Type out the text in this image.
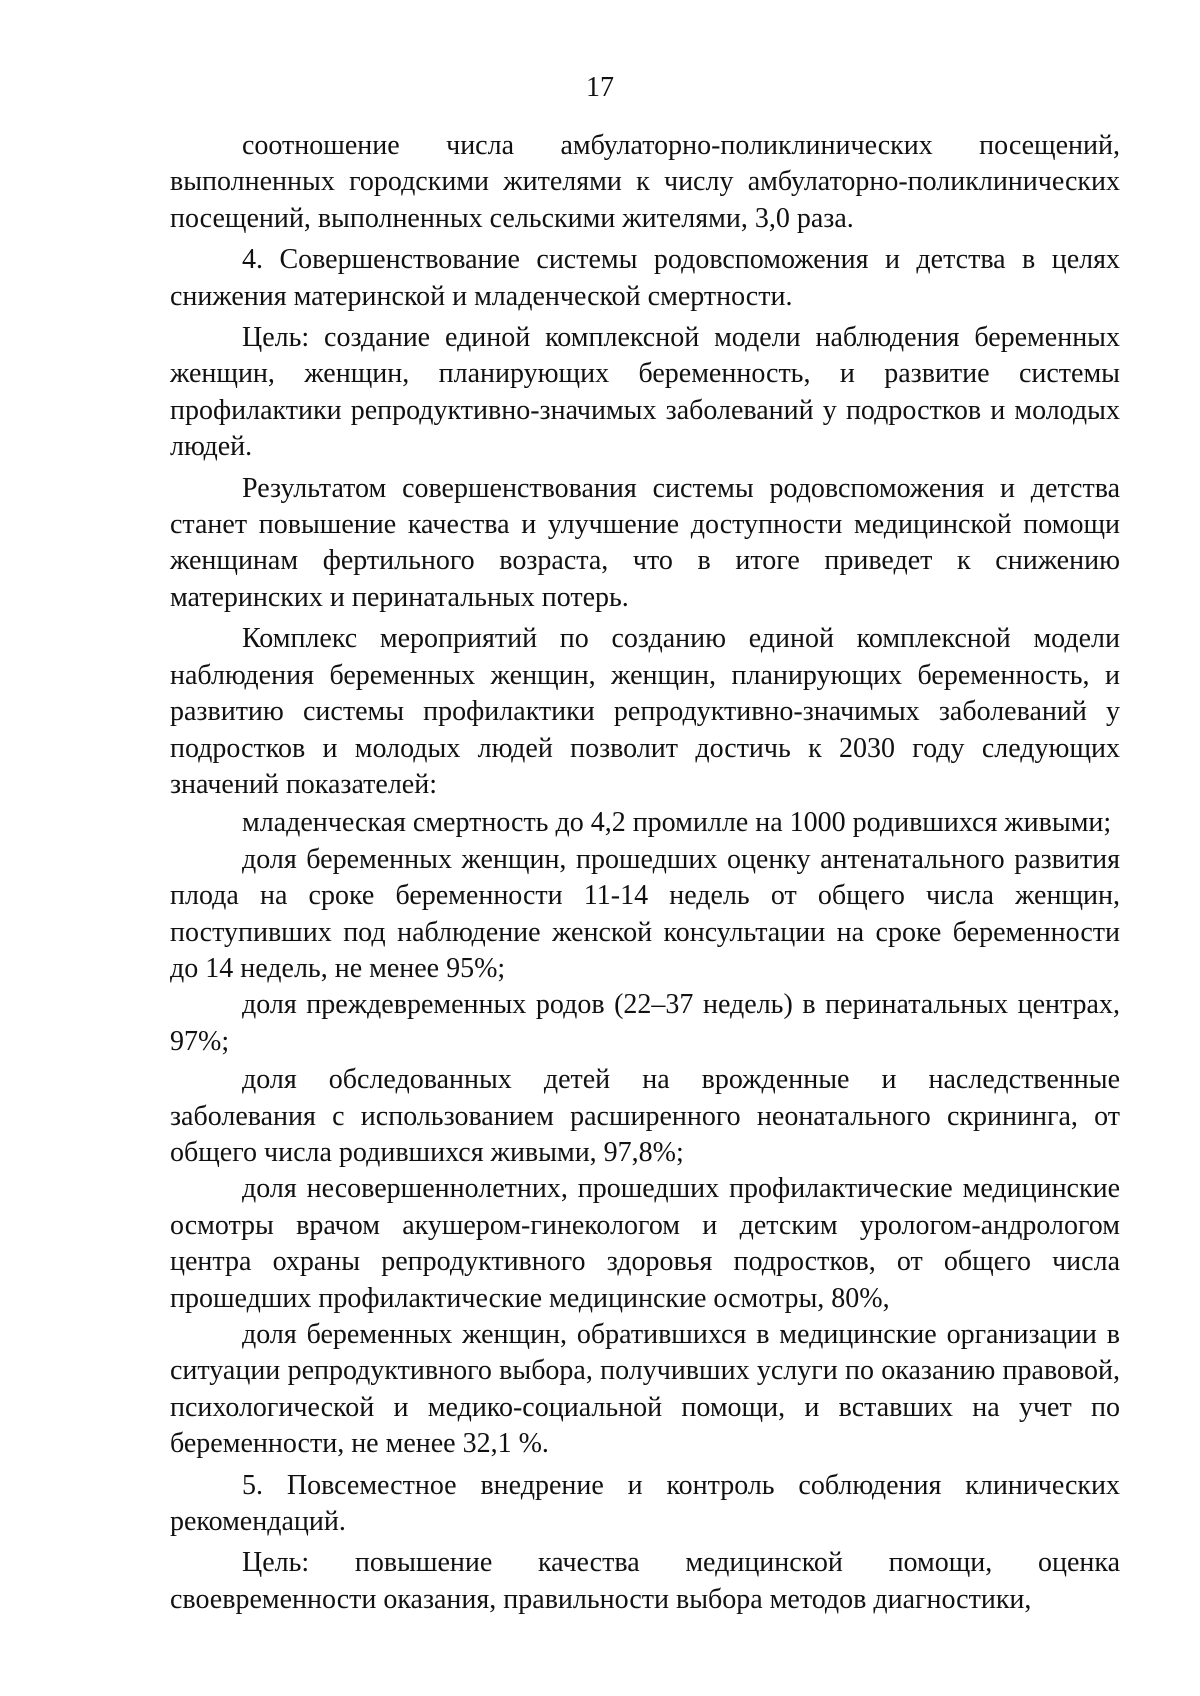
17

соотношение числа амбулаторно-поликлинических посещений, выполненных городскими жителями к числу амбулаторно-поликлинических посещений, выполненных сельскими жителями, 3,0 раза.

4. Совершенствование системы родовспоможения и детства в целях снижения материнской и младенческой смертности.

Цель: создание единой комплексной модели наблюдения беременных женщин, женщин, планирующих беременность, и развитие системы профилактики репродуктивно-значимых заболеваний у подростков и молодых людей.

Результатом совершенствования системы родовспоможения и детства станет повышение качества и улучшение доступности медицинской помощи женщинам фертильного возраста, что в итоге приведет к снижению материнских и перинатальных потерь.

Комплекс мероприятий по созданию единой комплексной модели наблюдения беременных женщин, женщин, планирующих беременность, и развитию системы профилактики репродуктивно-значимых заболеваний у подростков и молодых людей позволит достичь к 2030 году следующих значений показателей:

младенческая смертность до 4,2 промилле на 1000 родившихся живыми;

доля беременных женщин, прошедших оценку антенатального развития плода на сроке беременности 11-14 недель от общего числа женщин, поступивших под наблюдение женской консультации на сроке беременности до 14 недель, не менее 95%;

доля преждевременных родов (22–37 недель) в перинатальных центрах, 97%;

доля обследованных детей на врожденные и наследственные заболевания с использованием расширенного неонатального скрининга, от общего числа родившихся живыми, 97,8%;

доля несовершеннолетних, прошедших профилактические медицинские осмотры врачом акушером-гинекологом и детским урологом-андрологом центра охраны репродуктивного здоровья подростков, от общего числа прошедших профилактические медицинские осмотры, 80%,

доля беременных женщин, обратившихся в медицинские организации в ситуации репродуктивного выбора, получивших услуги по оказанию правовой, психологической и медико-социальной помощи, и вставших на учет по беременности, не менее 32,1 %.

5. Повсеместное внедрение и контроль соблюдения клинических рекомендаций.

Цель: повышение качества медицинской помощи, оценка своевременности оказания, правильности выбора методов диагностики,
